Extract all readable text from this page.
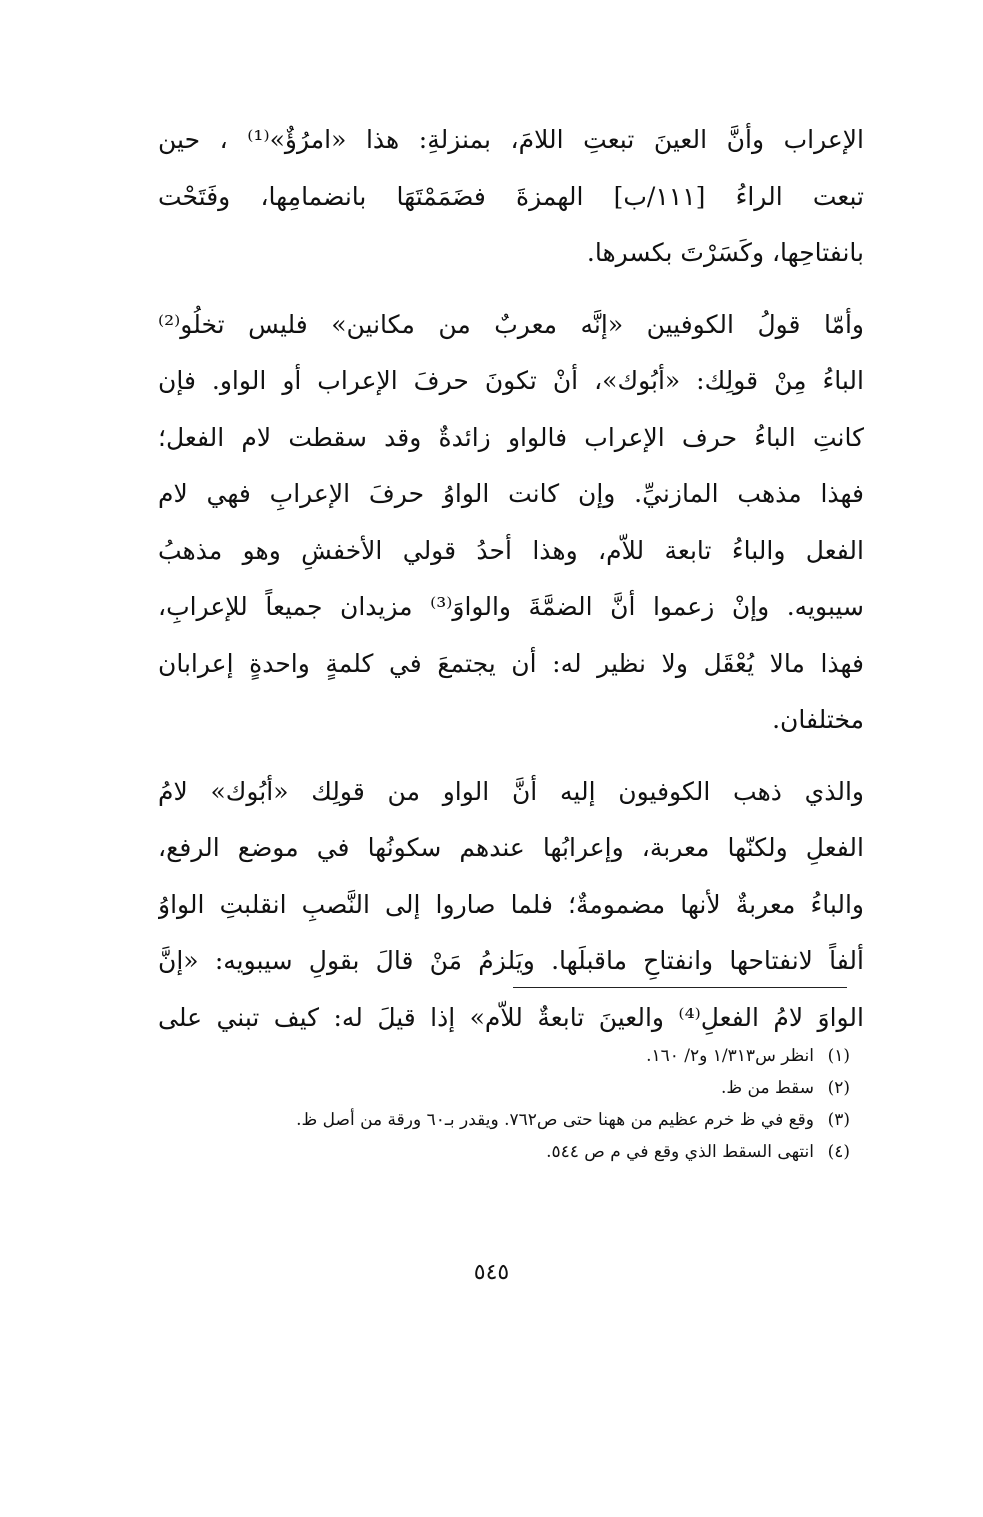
الإعراب وأنَّ العينَ تبعتِ اللامَ، بمنزلةِ: هذا «امرُؤٌ»⁽¹⁾ ، حين
تبعت الراءُ [١١١/ب] الهمزةَ فضَمَمْتَهَا بانضمامِها، وفَتَحْت
بانفتاحِها، وكَسَرْتَ بكسرها.
وأمّا قولُ الكوفيين «إنَّه معربٌ من مكانين» فليس تخلُو⁽²⁾
الباءُ مِنْ قولِك: «أبُوك»، أنْ تكونَ حرفَ الإعراب أو الواو. فإن
كانتِ الباءُ حرف الإعراب فالواو زائدةٌ وقد سقطت لام الفعل؛
فهذا مذهب المازنيِّ. وإن كانت الواوُ حرفَ الإعرابِ فهي لام
الفعل والباءُ تابعة للاّم، وهذا أحدُ قولي الأخفشِ وهو مذهبُ
سيبويه. وإنْ زعموا أنَّ الضمَّةَ والواوَ⁽³⁾ مزيدان جميعاً للإعرابِ،
فهذا مالا يُعْقَل ولا نظير له: أن يجتمعَ في كلمةٍ واحدةٍ إعرابان
مختلفان.
والذي ذهب الكوفيون إليه أنَّ الواو من قولِك «أبُوك» لامُ
الفعلِ ولكنّها معربة، وإعرابُها عندهم سكونُها في موضع الرفع،
والباءُ معربةٌ لأنها مضمومةٌ؛ فلما صاروا إلى النَّصبِ انقلبتِ الواوُ
ألفاً لانفتاحها وانفتاحِ ماقبلَها. ويَلزمُ مَنْ قالَ بقولِ سيبويه: «إنَّ
الواوَ لامُ الفعلِ⁽⁴⁾ والعينَ تابعةٌ للاّم» إذا قيلَ له: كيف تبني على
(١)
انظر س١/٣١٣ و٢/ ١٦٠.
(٢)
سقط من ظ.
(٣)
وقع في ظ خرم عظيم من ههنا حتى ص٧٦٢. ويقدر بـ٦٠ ورقة من أصل ظ.
(٤)
انتهى السقط الذي وقع في م ص ٥٤٤.
٥٤٥
